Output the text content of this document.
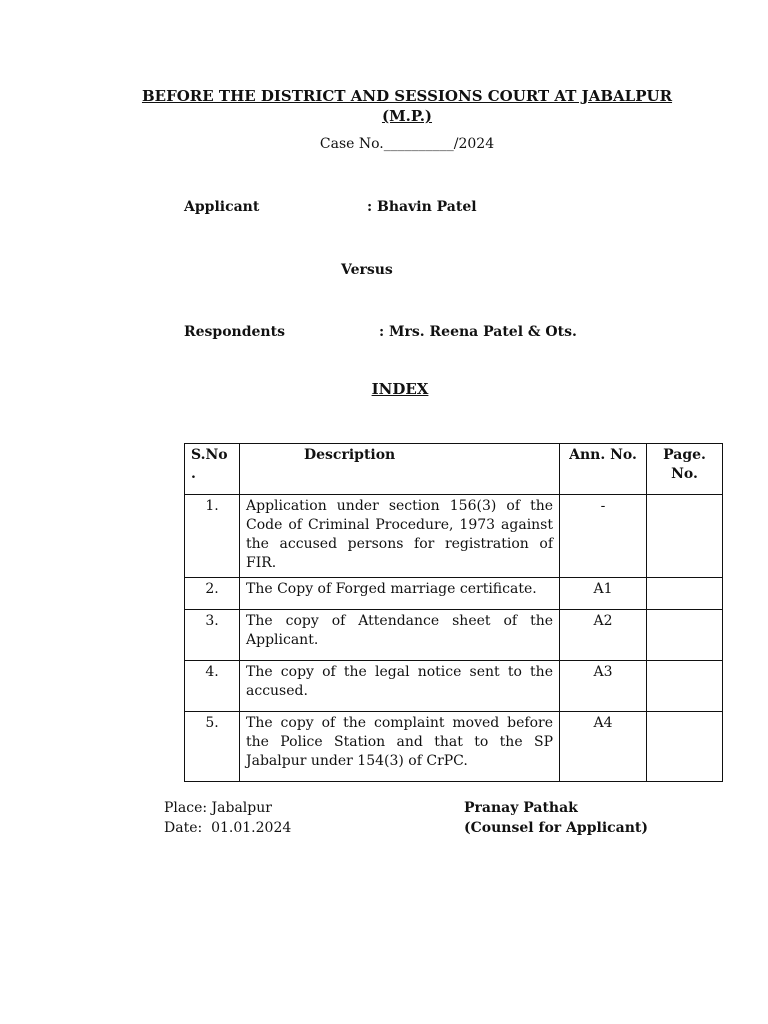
BEFORE THE DISTRICT AND SESSIONS COURT AT JABALPUR
(M.P.)
Case No.__________/2024
Applicant	: Bhavin Patel
Versus
Respondents	: Mrs. Reena Patel & Ots.
INDEX
S.No .	Description	Ann. No.	Page. No.
1.	Application under section 156(3) of the Code of Criminal Procedure, 1973 against the accused persons for registration of FIR.	-	
2.	The Copy of Forged marriage certificate.	A1	
3.	The copy of Attendance sheet of the Applicant.	A2	
4.	The copy of the legal notice sent to the accused.	A3	
5.	The copy of the complaint moved before the Police Station and that to the SP Jabalpur under 154(3) of CrPC.	A4	
Place: Jabalpur
Date:  01.01.2024
Pranay Pathak
(Counsel for Applicant)
